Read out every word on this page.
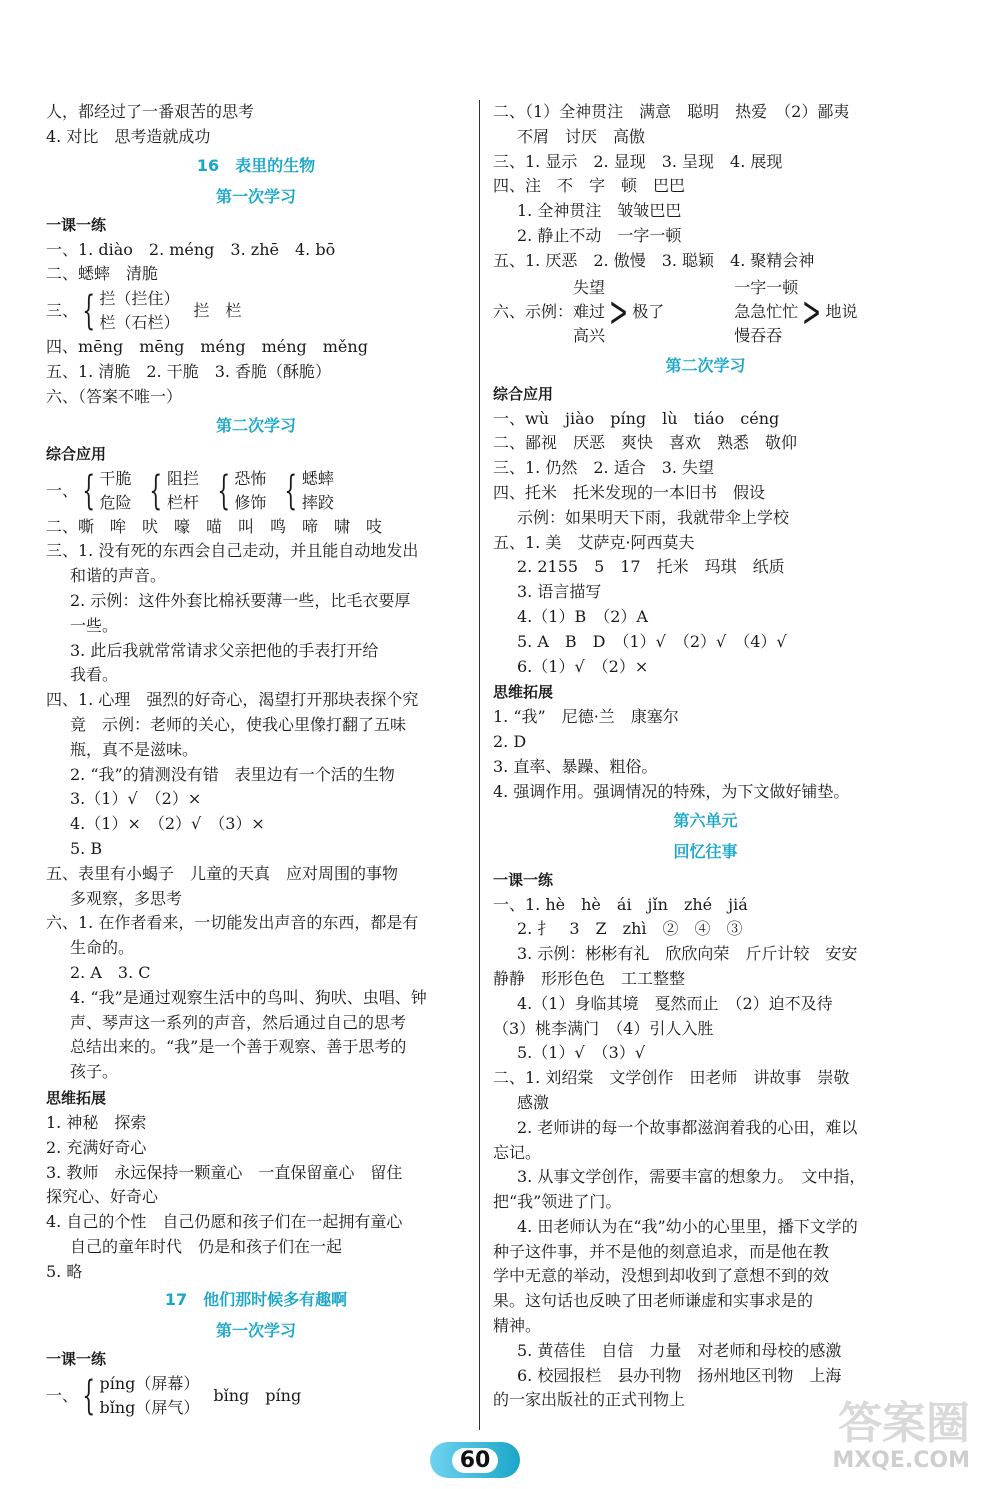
人，都经过了一番艰苦的思考
4. 对比　思考造就成功
16　表里的生物
第一次学习
一课一练
一、1. diào　2. méng　3. zhē　4. bō
二、蟋蟀　清脆
三、 { 拦（拦住）
栏（石栏）
拦　栏
四、mēng　mēng　méng　méng　měng
五、1. 清脆　2. 干脆　3. 香脆（酥脆）
六、（答案不唯一）
第二次学习
综合应用
一、 { 干脆
危险 { 阻拦
栏杆 { 恐怖
修饰 { 蟋蟀
摔跤
二、嘶　哞　吠　嚎　喵　叫　鸣　啼　啸　吱
三、1. 没有死的东西会自己走动，并且能自动地发出
和谐的声音。
2. 示例：这件外套比棉袄要薄一些，比毛衣要厚
一些。
3. 此后我就常常请求父亲把他的手表打开给
我看。
四、1. 心理　强烈的好奇心，渴望打开那块表探个究
竟　示例：老师的关心，使我心里像打翻了五味
瓶，真不是滋味。
2. “我”的猜测没有错　表里边有一个活的生物
3.（1）√　（2）×
4.（1）×　（2）√　（3）×
5. B
五、表里有小蝎子　儿童的天真　应对周围的事物
多观察，多思考
六、1. 在作者看来，一切能发出声音的东西，都是有
生命的。
2. A　3. C
4. “我”是通过观察生活中的鸟叫、狗吠、虫唱、钟
声、琴声这一系列的声音，然后通过自己的思考
总结出来的。“我”是一个善于观察、善于思考的
孩子。
思维拓展
1. 神秘　探索
2. 充满好奇心
3. 教师　永远保持一颗童心　一直保留童心　留住
探究心、好奇心
4. 自己的个性　自己仍愿和孩子们在一起拥有童心
自己的童年时代　仍是和孩子们在一起
5. 略
17　他们那时候多有趣啊
第一次学习
一课一练
一、 { píng（屏幕）
bǐng（屏气）
bǐng　píng
二、（1）全神贯注　满意　聪明　热爱　（2）鄙夷
不屑　讨厌　高傲
三、1. 显示　2. 显现　3. 呈现　4. 展现
四、注　不　字　顿　巴巴
1. 全神贯注　皱皱巴巴
2. 静止不动　一字一顿
五、1. 厌恶　2. 傲慢　3. 聪颖　4. 聚精会神
六、示例：
失望
难过
高兴 > 极了
一字一顿
急急忙忙
慢吞吞 > 地说
第二次学习
综合应用
一、wù　jiào　píng　lù　tiáo　céng
二、鄙视　厌恶　爽快　喜欢　熟悉　敬仰
三、1. 仍然　2. 适合　3. 失望
四、托米　托米发现的一本旧书　假设
示例：如果明天下雨，我就带伞上学校
五、1. 美　艾萨克·阿西莫夫
2. 2155　5　17　托米　玛琪　纸质
3. 语言描写
4.（1）B　（2）A
5. A　B　D　（1）√　（2）√　（4）√
6.（1）√　（2）×
思维拓展
1. “我”　尼德·兰　康塞尔
2. D
3. 直率、暴躁、粗俗。
4. 强调作用。强调情况的特殊，为下文做好铺垫。
第六单元
回忆往事
一课一练
一、1. hè　hè　ái　jǐn　zhé　jiá
2. 扌　3　Z　zhì　②　④　③
3. 示例：彬彬有礼　欣欣向荣　斤斤计较　安安
静静　形形色色　工工整整
4.（1）身临其境　戛然而止　（2）迫不及待
（3）桃李满门　（4）引人入胜
5.（1）√　（3）√
二、1. 刘绍棠　文学创作　田老师　讲故事　崇敬
感激
2. 老师讲的每一个故事都滋润着我的心田，难以
忘记。
3. 从事文学创作，需要丰富的想象力。　文中指，
把“我”领进了门。
4. 田老师认为在“我”幼小的心里里，播下文学的
种子这件事，并不是他的刻意追求，而是他在教
学中无意的举动，没想到却收到了意想不到的效
果。这句话也反映了田老师谦虚和实事求是的
精神。
5. 黄蓓佳　自信　力量　对老师和母校的感激
6. 校园报栏　县办刊物　扬州地区刊物　上海
的一家出版社的正式刊物上
60
答案圈
MXQE.COM
